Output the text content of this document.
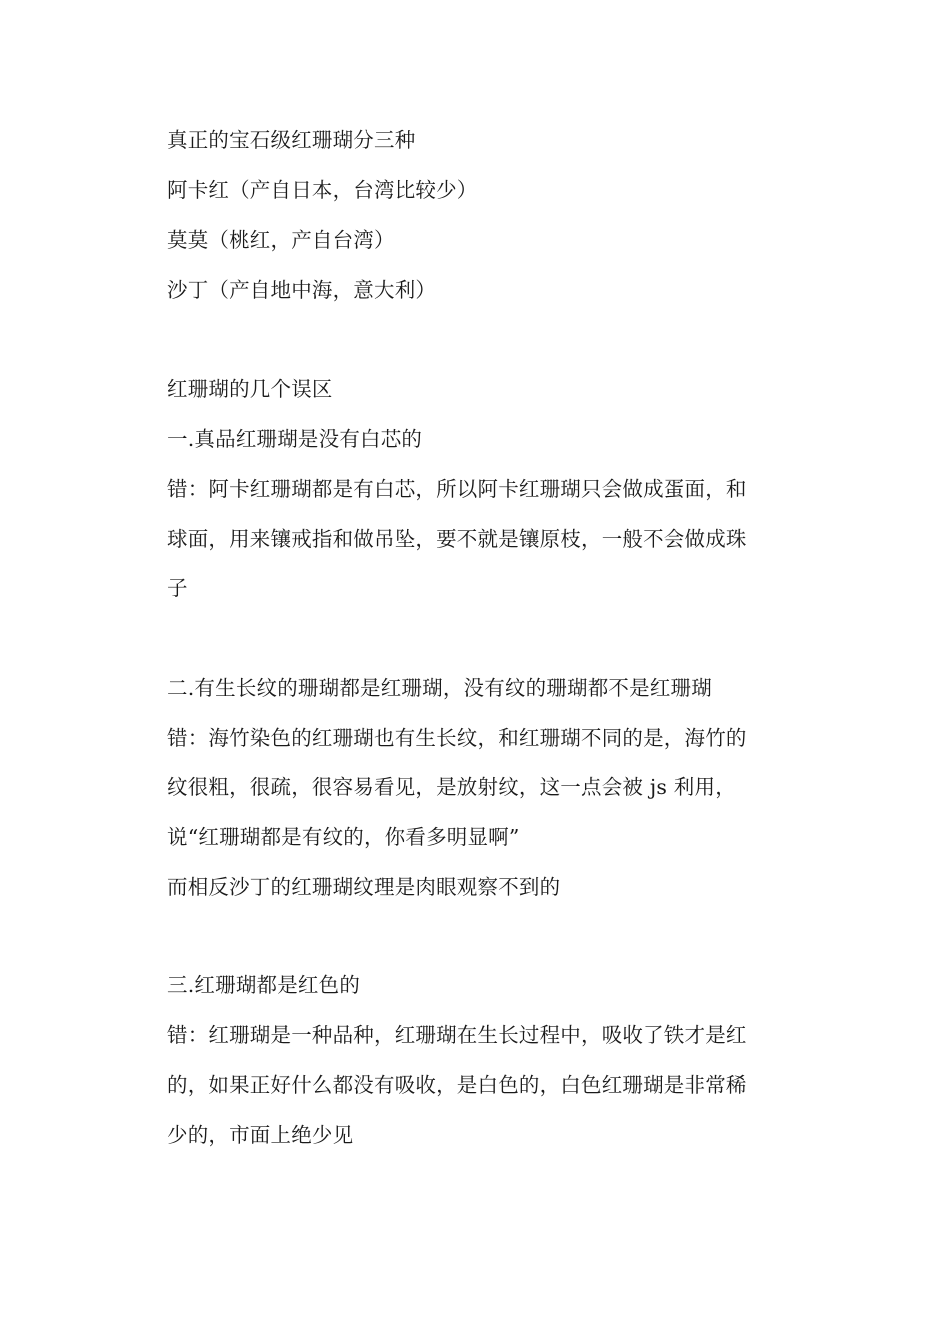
真正的宝石级红珊瑚分三种
阿卡红（产自日本，台湾比较少）
莫莫（桃红，产自台湾）
沙丁（产自地中海，意大利）
红珊瑚的几个误区
一.真品红珊瑚是没有白芯的
错：阿卡红珊瑚都是有白芯，所以阿卡红珊瑚只会做成蛋面，和
球面，用来镶戒指和做吊坠，要不就是镶原枝，一般不会做成珠
子
二.有生长纹的珊瑚都是红珊瑚，没有纹的珊瑚都不是红珊瑚
错：海竹染色的红珊瑚也有生长纹，和红珊瑚不同的是，海竹的
纹很粗，很疏，很容易看见，是放射纹，这一点会被 js 利用，
说“红珊瑚都是有纹的，你看多明显啊”
而相反沙丁的红珊瑚纹理是肉眼观察不到的
三.红珊瑚都是红色的
错：红珊瑚是一种品种，红珊瑚在生长过程中，吸收了铁才是红
的，如果正好什么都没有吸收，是白色的，白色红珊瑚是非常稀
少的，市面上绝少见
